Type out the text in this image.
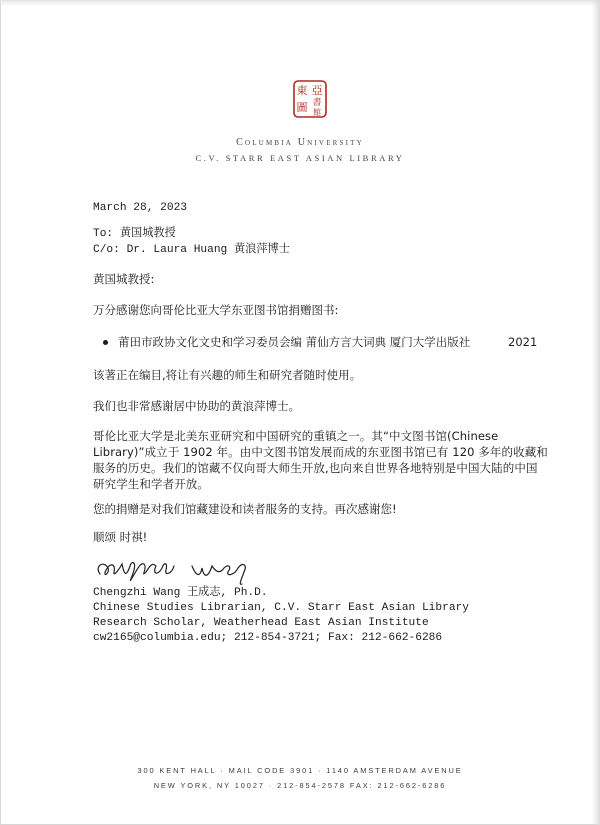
東 亞
圖 書
館
Columbia University
C.V. STARR EAST ASIAN LIBRARY
March 28, 2023
To: 黄国城教授
C/o: Dr. Laura Huang 黄浪萍博士
黄国城教授:
万分感谢您向哥伦比亚大学东亚图书馆捐赠图书:
莆田市政协文化文史和学习委员会编 莆仙方言大词典 厦门大学出版社	2021
该著正在编目,将让有兴趣的师生和研究者随时使用。
我们也非常感谢居中协助的黄浪萍博士。
哥伦比亚大学是北美东亚研究和中国研究的重镇之一。其“中文图书馆(Chinese Library)”成立于 1902 年。由中文图书馆发展而成的东亚图书馆已有 120 多年的收藏和服务的历史。我们的馆藏不仅向哥大师生开放,也向来自世界各地特别是中国大陆的中国研究学生和学者开放。
您的捐赠是对我们馆藏建设和读者服务的支持。再次感谢您!
顺颂 时祺!
Chengzhi Wang 王成志, Ph.D.
Chinese Studies Librarian, C.V. Starr East Asian Library
Research Scholar, Weatherhead East Asian Institute
cw2165@columbia.edu; 212-854-3721; Fax: 212-662-6286
300 KENT HALL · MAIL CODE 3901 · 1140 AMSTERDAM AVENUE
NEW YORK, NY 10027 · 212-854-2578 FAX: 212-662-6286
